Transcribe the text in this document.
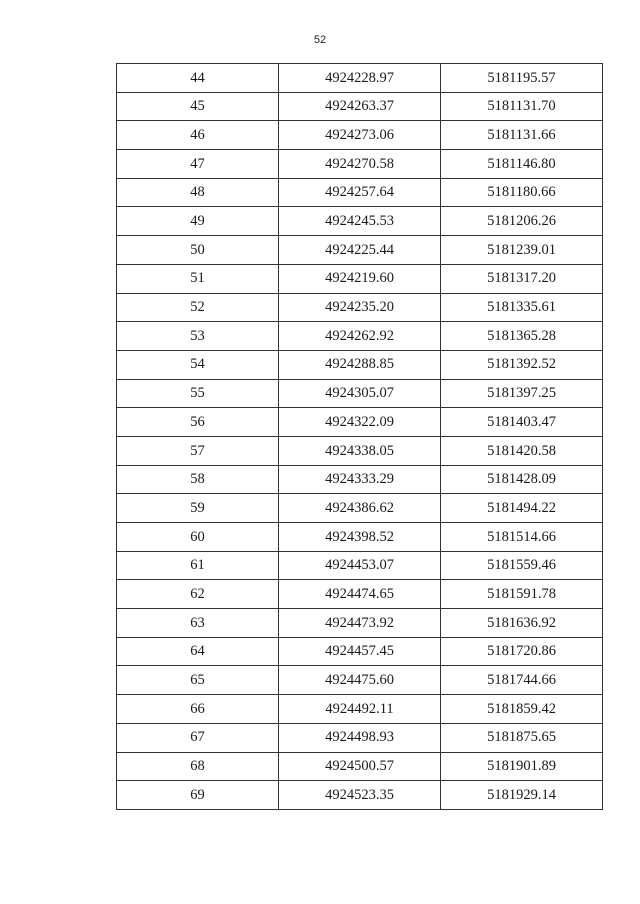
52
44	4924228.97	5181195.57
45	4924263.37	5181131.70
46	4924273.06	5181131.66
47	4924270.58	5181146.80
48	4924257.64	5181180.66
49	4924245.53	5181206.26
50	4924225.44	5181239.01
51	4924219.60	5181317.20
52	4924235.20	5181335.61
53	4924262.92	5181365.28
54	4924288.85	5181392.52
55	4924305.07	5181397.25
56	4924322.09	5181403.47
57	4924338.05	5181420.58
58	4924333.29	5181428.09
59	4924386.62	5181494.22
60	4924398.52	5181514.66
61	4924453.07	5181559.46
62	4924474.65	5181591.78
63	4924473.92	5181636.92
64	4924457.45	5181720.86
65	4924475.60	5181744.66
66	4924492.11	5181859.42
67	4924498.93	5181875.65
68	4924500.57	5181901.89
69	4924523.35	5181929.14
